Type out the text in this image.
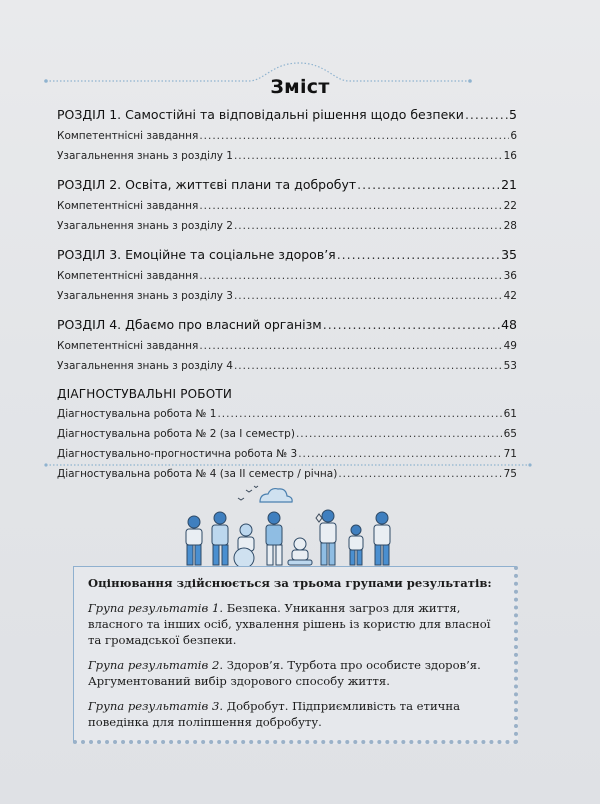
Зміст
РОЗДІЛ 1. Самостійні та відповідальні рішення щодо безпеки .....	5
Компетентнісні завдання .....	6
Узагальнення знань з розділу 1 .....	16
РОЗДІЛ 2. Освіта, життєві плани та добробут .....	21
Компетентнісні завдання .....	22
Узагальнення знань з розділу 2 .....	28
РОЗДІЛ 3. Емоційне та соціальне здоров’я .....	35
Компетентнісні завдання .....	36
Узагальнення знань з розділу 3 .....	42
РОЗДІЛ 4. Дбаємо про власний організм .....	48
Компетентнісні завдання .....	49
Узагальнення знань з розділу 4 .....	53
ДІАГНОСТУВАЛЬНІ РОБОТИ
Діагностувальна робота № 1 .....	61
Діагностувальна робота № 2 (за І семестр) .....	65
Діагностувально-прогностична робота № 3 .....	71
Діагностувальна робота № 4 (за ІІ семестр / річна) .....	75

Оцінювання здійснюється за трьома групами результатів:

Група результатів 1. Безпека. Уникання загроз для життя, власного та інших осіб, ухвалення рішень із користю для власної та громадської безпеки.

Група результатів 2. Здоров’я. Турбота про особисте здоров’я. Аргументований вибір здорового способу життя.

Група результатів 3. Добробут. Підприємливість та етична поведінка для поліпшення добробуту.
